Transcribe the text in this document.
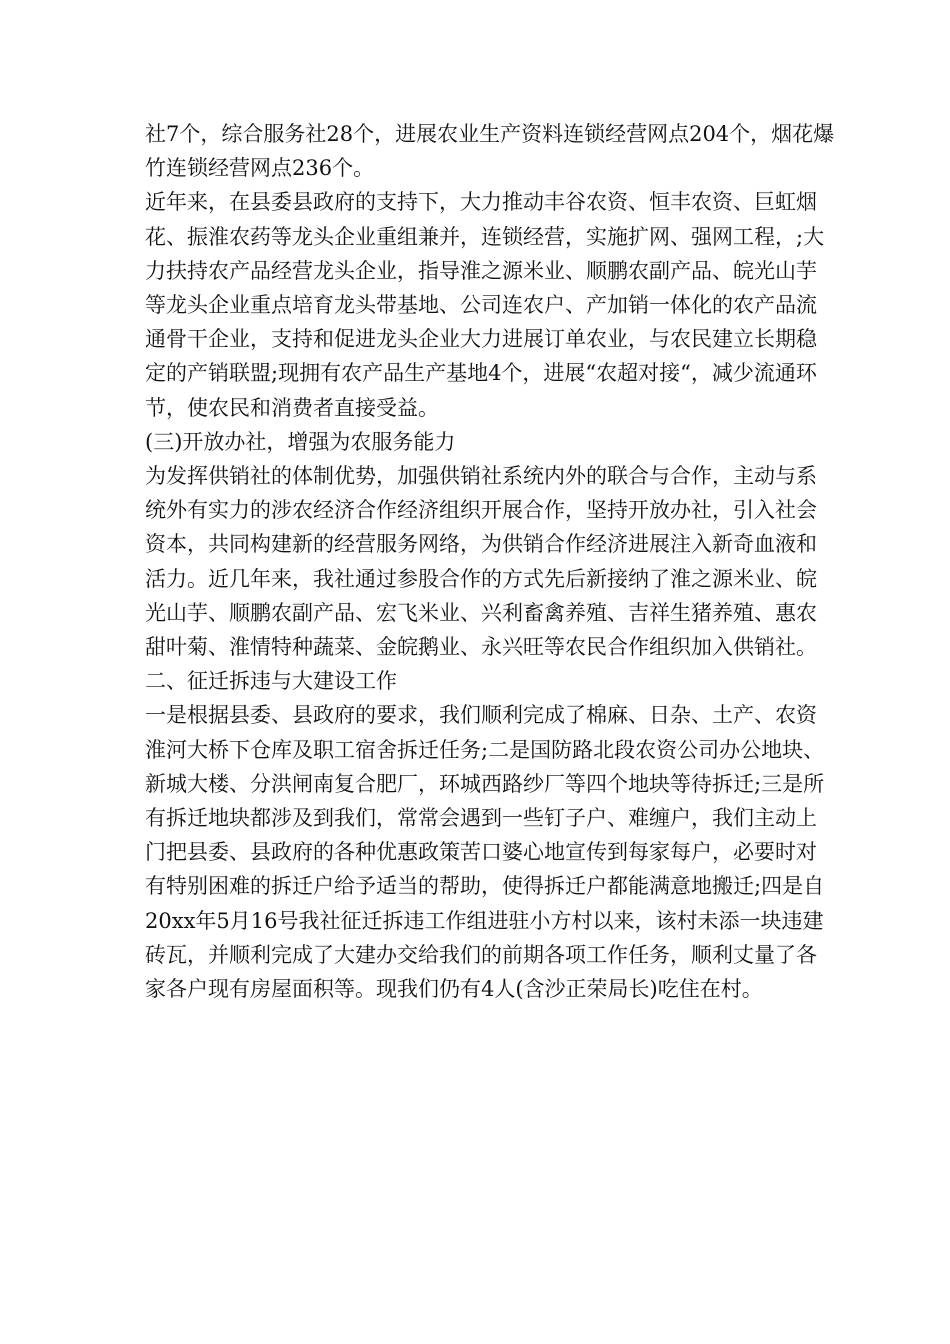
社7个，综合服务社28个，进展农业生产资料连锁经营网点204个，烟花爆竹连锁经营网点236个。

近年来，在县委县政府的支持下，大力推动丰谷农资、恒丰农资、巨虹烟花、振淮农药等龙头企业重组兼并，连锁经营，实施扩网、强网工程，;大力扶持农产品经营龙头企业，指导淮之源米业、顺鹏农副产品、皖光山芋等龙头企业重点培育龙头带基地、公司连农户、产加销一体化的农产品流通骨干企业，支持和促进龙头企业大力进展订单农业，与农民建立长期稳定的产销联盟;现拥有农产品生产基地4个，进展“农超对接“，减少流通环节，使农民和消费者直接受益。

(三)开放办社，增强为农服务能力

为发挥供销社的体制优势，加强供销社系统内外的联合与合作，主动与系统外有实力的涉农经济合作经济组织开展合作，坚持开放办社，引入社会资本，共同构建新的经营服务网络，为供销合作经济进展注入新奇血液和活力。近几年来，我社通过参股合作的方式先后新接纳了淮之源米业、皖光山芋、顺鹏农副产品、宏飞米业、兴利畜禽养殖、吉祥生猪养殖、惠农甜叶菊、淮情特种蔬菜、金皖鹅业、永兴旺等农民合作组织加入供销社。

二、征迁拆违与大建设工作

一是根据县委、县政府的要求，我们顺利完成了棉麻、日杂、土产、农资淮河大桥下仓库及职工宿舍拆迁任务;二是国防路北段农资公司办公地块、新城大楼、分洪闸南复合肥厂，环城西路纱厂等四个地块等待拆迁;三是所有拆迁地块都涉及到我们，常常会遇到一些钉子户、难缠户，我们主动上门把县委、县政府的各种优惠政策苦口婆心地宣传到每家每户，必要时对有特别困难的拆迁户给予适当的帮助，使得拆迁户都能满意地搬迁;四是自20xx年5月16号我社征迁拆违工作组进驻小方村以来，该村未添一块违建砖瓦，并顺利完成了大建办交给我们的前期各项工作任务，顺利丈量了各家各户现有房屋面积等。现我们仍有4人(含沙正荣局长)吃住在村。
